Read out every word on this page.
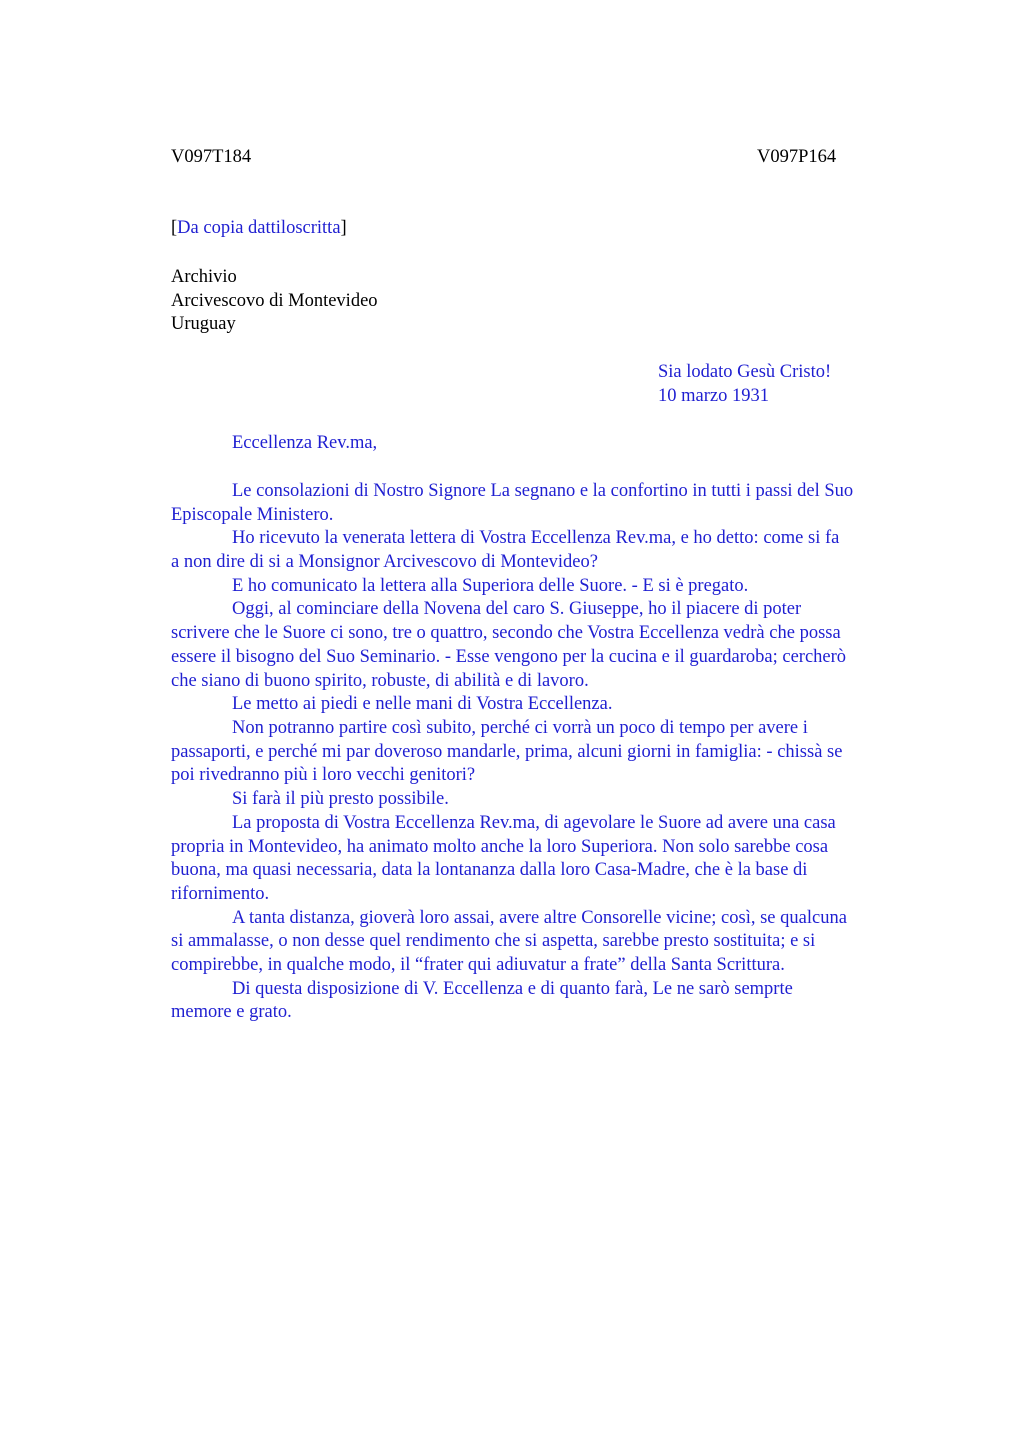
V097T184	V097P164
[Da copia dattiloscritta]
Archivio
Arcivescovo di Montevideo
Uruguay
Sia lodato Gesù Cristo!
10 marzo 1931
Eccellenza Rev.ma,
Le consolazioni di Nostro Signore La segnano e la confortino in tutti i passi del Suo
Episcopale Ministero.
Ho ricevuto la venerata lettera di Vostra Eccellenza Rev.ma, e ho detto: come si fa
a non dire di si a Monsignor Arcivescovo di Montevideo?
E ho comunicato la lettera alla Superiora delle Suore. - E si è pregato.
Oggi, al cominciare della Novena del caro S. Giuseppe, ho il piacere di poter
scrivere che le Suore ci sono, tre o quattro, secondo che Vostra Eccellenza vedrà che possa
essere il bisogno del Suo Seminario. - Esse vengono per la cucina e il guardaroba; cercherò
che siano di buono spirito, robuste, di abilità e di lavoro.
Le metto ai piedi e nelle mani di Vostra Eccellenza.
Non potranno partire così subito, perché ci vorrà un poco di tempo per avere i
passaporti, e perché mi par doveroso mandarle, prima, alcuni giorni in famiglia: - chissà se
poi rivedranno più i loro vecchi genitori?
Si farà il più presto possibile.
La proposta di Vostra Eccellenza Rev.ma, di agevolare le Suore ad avere una casa
propria in Montevideo, ha animato molto anche la loro Superiora. Non solo sarebbe cosa
buona, ma quasi necessaria, data la lontananza dalla loro Casa-Madre, che è la base di
rifornimento.
A tanta distanza, gioverà loro assai, avere altre Consorelle vicine; così, se qualcuna
si ammalasse, o non desse quel rendimento che si aspetta, sarebbe presto sostituita; e si
compirebbe, in qualche modo, il “frater qui adiuvatur a frate” della Santa Scrittura.
Di questa disposizione di V. Eccellenza e di quanto farà, Le ne sarò semprte
memore e grato.
